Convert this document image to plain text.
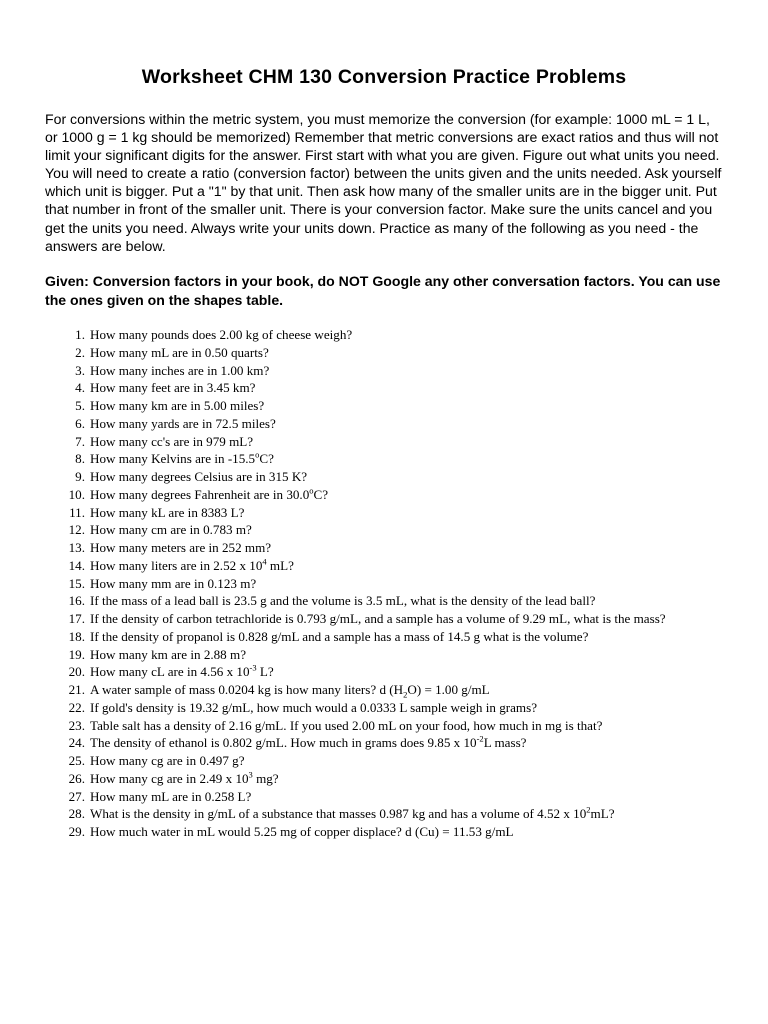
Worksheet CHM 130 Conversion Practice Problems

For conversions within the metric system, you must memorize the conversion (for example: 1000 mL = 1 L, or 1000 g = 1 kg should be memorized) Remember that metric conversions are exact ratios and thus will not limit your significant digits for the answer. First start with what you are given. Figure out what units you need. You will need to create a ratio (conversion factor) between the units given and the units needed. Ask yourself which unit is bigger. Put a "1" by that unit. Then ask how many of the smaller units are in the bigger unit. Put that number in front of the smaller unit. There is your conversion factor. Make sure the units cancel and you get the units you need. Always write your units down. Practice as many of the following as you need - the answers are below.

Given: Conversion factors in your book, do NOT Google any other conversation factors. You can use the ones given on the shapes table.

1. How many pounds does 2.00 kg of cheese weigh?
2. How many mL are in 0.50 quarts?
3. How many inches are in 1.00 km?
4. How many feet are in 3.45 km?
5. How many km are in 5.00 miles?
6. How many yards are in 72.5 miles?
7. How many cc's are in 979 mL?
8. How many Kelvins are in -15.5$^o$C?
9. How many degrees Celsius are in 315 K?
10. How many degrees Fahrenheit are in 30.0$^o$C?
11. How many kL are in 8383 L?
12. How many cm are in 0.783 m?
13. How many meters are in 252 mm?
14. How many liters are in 2.52 x $10^4$ mL?
15. How many mm are in 0.123 m?
16. If the mass of a lead ball is 23.5 g and the volume is 3.5 mL, what is the density of the lead ball?
17. If the density of carbon tetrachloride is 0.793 g/mL, and a sample has a volume of 9.29 mL, what is the mass?
18. If the density of propanol is 0.828 g/mL and a sample has a mass of 14.5 g what is the volume?
19. How many km are in 2.88 m?
20. How many cL are in 4.56 x $10^{-3}$ L?
21. A water sample of mass 0.0204 kg is how many liters? d $(H_2O) = 1.00$ g/mL
22. If gold's density is 19.32 g/mL, how much would a 0.0333 L sample weigh in grams?
23. Table salt has a density of 2.16 g/mL. If you used 2.00 mL on your food, how much in mg is that?
24. The density of ethanol is 0.802 g/mL. How much in grams does 9.85 x $10^{-2}L$ mass?
25. How many cg are in 0.497 g?
26. How many cg are in 2.49 x $10^3$ mg?
27. How many mL are in 0.258 L?
28. What is the density in g/mL of a substance that masses 0.987 kg and has a volume of 4.52 x $10^2mL$?
29. How much water in mL would 5.25 mg of copper displace? d (Cu) = 11.53 g/mL
